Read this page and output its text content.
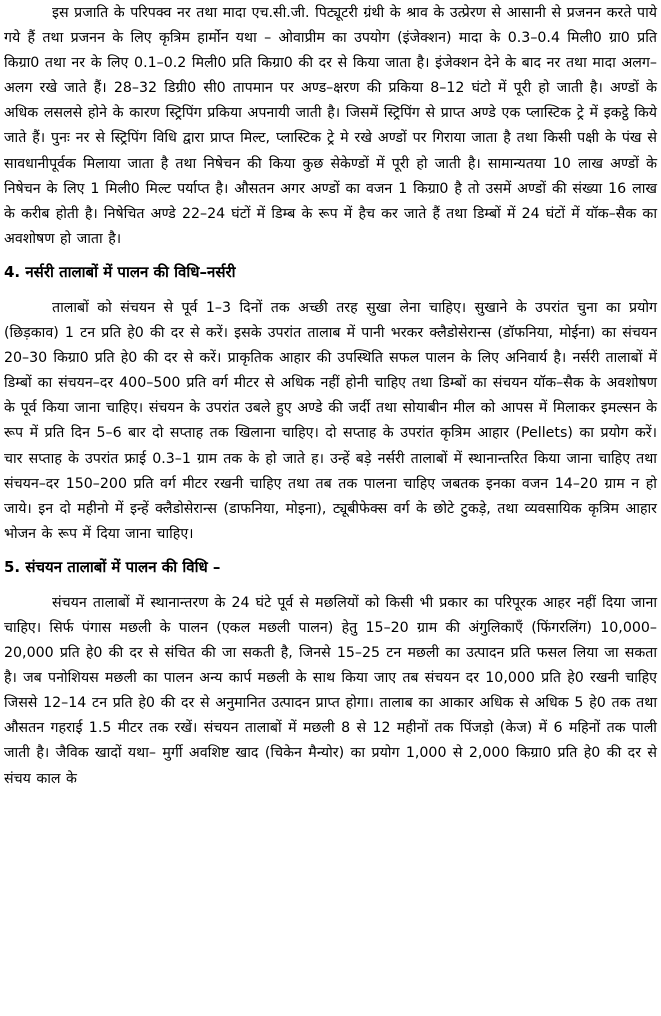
इस प्रजाति के परिपक्व नर तथा मादा एच.सी.जी. पिट्यूटरी ग्रंथी के श्राव के उत्प्रेरण से आसानी से प्रजनन करते पाये गये हैं तथा प्रजनन के लिए कृत्रिम हार्मोन यथा – ओवाप्रीम का उपयोग (इंजेक्शन) मादा के 0.3–0.4 मिली0 ग्रा0 प्रति किग्रा0 तथा नर के लिए 0.1–0.2 मिली0 प्रति किग्रा0 की दर से किया जाता है। इंजेक्शन देने के बाद नर तथा मादा अलग–अलग रखे जाते हैं। 28–32 डिग्री0 सी0 तापमान पर अण्ड–क्षरण की प्रकिया 8–12 घंटो में पूरी हो जाती है। अण्डों के अधिक लसलसे होने के कारण स्ट्रिपिंग प्रकिया अपनायी जाती है। जिसमें स्ट्रिपिंग से प्राप्त अण्डे एक प्लास्टिक ट्रे में इकट्ठे किये जाते हैं। पुनः नर से स्ट्रिपिंग विधि द्वारा प्राप्त मिल्ट, प्लास्टिक ट्रे मे रखे अण्डों पर गिराया जाता है तथा किसी पक्षी के पंख से सावधानीपूर्वक मिलाया जाता है तथा निषेचन की किया कुछ सेकेण्डों में पूरी हो जाती है। सामान्यतया 10 लाख अण्डों के निषेचन के लिए 1 मिली0 मिल्ट पर्याप्त है। औसतन अगर अण्डों का वजन 1 किग्रा0 है तो उसमें अण्डों की संख्या 16 लाख के करीब होती है। निषेचित अण्डे 22–24 घंटों में डिम्ब के रूप में हैच कर जाते हैं तथा डिम्बों में 24 घंटों में यॉक–सैक का अवशोषण हो जाता है।

4. नर्सरी तालाबों में पालन की विधि–नर्सरी

तालाबों को संचयन से पूर्व 1–3 दिनों तक अच्छी तरह सुखा लेना चाहिए। सुखाने के उपरांत चुना का प्रयोग (छिड़काव) 1 टन प्रति हे0 की दर से करें। इसके उपरांत तालाब में पानी भरकर क्लैडोसेरान्स (डॉफनिया, मोईना) का संचयन 20–30 किग्रा0 प्रति हे0 की दर से करें। प्राकृतिक आहार की उपस्थिति सफल पालन के लिए अनिवार्य है। नर्सरी तालाबों में डिम्बों का संचयन–दर 400–500 प्रति वर्ग मीटर से अधिक नहीं होनी चाहिए तथा डिम्बों का संचयन यॉक–सैक के अवशोषण के पूर्व किया जाना चाहिए। संचयन के उपरांत उबले हुए अण्डे की जर्दी तथा सोयाबीन मील को आपस में मिलाकर इमल्सन के रूप में प्रति दिन 5–6 बार दो सप्ताह तक खिलाना चाहिए। दो सप्ताह के उपरांत कृत्रिम आहार (Pellets) का प्रयोग करें। चार सप्ताह के उपरांत फ्राई 0.3–1 ग्राम तक के हो जाते ह। उन्हें बड़े नर्सरी तालाबों में स्थानान्तरित किया जाना चाहिए तथा संचयन–दर 150–200 प्रति वर्ग मीटर रखनी चाहिए तथा तब तक पालना चाहिए जबतक इनका वजन 14–20 ग्राम न हो जाये। इन दो महीनो में इन्हें क्लैडोसेरान्स (डाफनिया, मोइना), ट्यूबीफेक्स वर्ग के छोटे टुकड़े, तथा व्यवसायिक कृत्रिम आहार भोजन के रूप में दिया जाना चाहिए।

5. संचयन तालाबों में पालन की विधि –

संचयन तालाबों में स्थानान्तरण के 24 घंटे पूर्व से मछलियों को किसी भी प्रकार का परिपूरक आहर नहीं दिया जाना चाहिए। सिर्फ पंगास मछली के पालन (एकल मछली पालन) हेतु 15–20 ग्राम की अंगुलिकाएँ (फिंगरलिंग) 10,000–20,000 प्रति हे0 की दर से संचित की जा सकती है, जिनसे 15–25 टन मछली का उत्पादन प्रति फसल लिया जा सकता है। जब पनोशियस मछली का पालन अन्य कार्प मछली के साथ किया जाए तब संचयन दर 10,000 प्रति हे0 रखनी चाहिए जिससे 12–14 टन प्रति हे0 की दर से अनुमानित उत्पादन प्राप्त होगा। तालाब का आकार अधिक से अधिक 5 हे0 तक तथा औसतन गहराई 1.5 मीटर तक रखें। संचयन तालाबों में मछली 8 से 12 महीनों तक पिंजड़ो (केज) में 6 महिनों तक पाली जाती है। जैविक खादों यथा– मुर्गी अवशिष्ट खाद (चिकेन मैन्योर) का प्रयोग 1,000 से 2,000 किग्रा0 प्रति हे0 की दर से संचय काल के
